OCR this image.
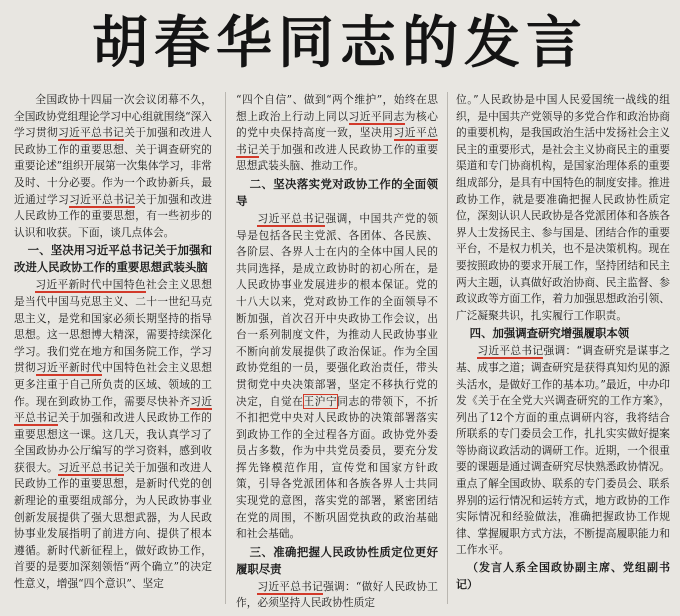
胡春华同志的发言

全国政协十四届一次会议闭幕不久，全国政协党组理论学习中心组就围绕“深入学习贯彻习近平总书记关于加强和改进人民政协工作的重要思想、关于调查研究的重要论述”组织开展第一次集体学习，非常及时、十分必要。作为一个政协新兵，最近通过学习习近平总书记关于加强和改进人民政协工作的重要思想，有一些初步的认识和收获。下面，谈几点体会。

一、坚决用习近平总书记关于加强和改进人民政协工作的重要思想武装头脑

习近平新时代中国特色社会主义思想是当代中国马克思主义、二十一世纪马克思主义，是党和国家必须长期坚持的指导思想。这一思想博大精深，需要持续深化学习。我们党在地方和国务院工作，学习贯彻习近平新时代中国特色社会主义思想更多注重于自己所负责的区域、领域的工作。现在到政协工作，需要尽快补齐习近平总书记关于加强和改进人民政协工作的重要思想这一课。这几天，我认真学习了全国政协办公厅编写的学习资料，感到收获很大。习近平总书记关于加强和改进人民政协工作的重要思想，是新时代党的创新理论的重要组成部分，为人民政协事业创新发展提供了强大思想武器，为人民政协事业发展指明了前进方向、提供了根本遵循。新时代新征程上，做好政协工作，首要的是要加深刻领悟“两个确立”的决定性意义，增强“四个意识”、坚定

“四个自信”、做到“两个维护”，始终在思想上政治上行动上同以习近平同志为核心的党中央保持高度一致，坚决用习近平总书记关于加强和改进人民政协工作的重要思想武装头脑、推动工作。

二、坚决落实党对政协工作的全面领导

习近平总书记强调，中国共产党的领导是包括各民主党派、各团体、各民族、各阶层、各界人士在内的全体中国人民的共同选择，是成立政协时的初心所在，是人民政协事业发展进步的根本保证。党的十八大以来，党对政协工作的全面领导不断加强，首次召开中央政协工作会议，出台一系列制度文件，为推动人民政协事业不断向前发展提供了政治保证。作为全国政协党组的一员，要强化政治责任，带头贯彻党中央决策部署，坚定不移执行党的决定，自觉在王沪宁同志的带领下，不折不扣把党中央对人民政协的决策部署落实到政协工作的全过程各方面。政协党外委员占多数，作为中共党员委员，要充分发挥先锋模范作用，宣传党和国家方针政策，引导各党派团体和各族各界人士共同实现党的意图，落实党的部署，紧密团结在党的周围，不断巩固党执政的政治基础和社会基础。

三、准确把握人民政协性质定位更好履职尽责

习近平总书记强调：“做好人民政协工作，必须坚持人民政协性质定

位。”人民政协是中国人民爱国统一战线的组织，是中国共产党领导的多党合作和政治协商的重要机构，是我国政治生活中发扬社会主义民主的重要形式，是社会主义协商民主的重要渠道和专门协商机构，是国家治理体系的重要组成部分，是具有中国特色的制度安排。推进政协工作，就是要准确把握人民政协性质定位，深刻认识人民政协是各党派团体和各族各界人士发扬民主、参与国是、团结合作的重要平台，不是权力机关，也不是决策机构。现在要按照政协的要求开展工作，坚持团结和民主两大主题，认真做好政治协商、民主监督、参政议政等方面工作，着力加强思想政治引领、广泛凝聚共识，扎实履行工作职责。

四、加强调查研究增强履职本领

习近平总书记强调：“调查研究是谋事之基、成事之道；调查研究是获得真知灼见的源头活水，是做好工作的基本功。”最近，中办印发《关于在全党大兴调查研究的工作方案》，列出了12个方面的重点调研内容，我将结合所联系的专门委员会工作，扎扎实实做好提案等协商议政活动的调研工作。近期，一个很重要的课题是通过调查研究尽快熟悉政协情况。重点了解全国政协、联系的专门委员会、联系界别的运行情况和运转方式，地方政协的工作实际情况和经验做法，准确把握政协工作规律、掌握履职方式方法，不断提高履职能力和工作水平。

（发言人系全国政协副主席、党组副书记）
